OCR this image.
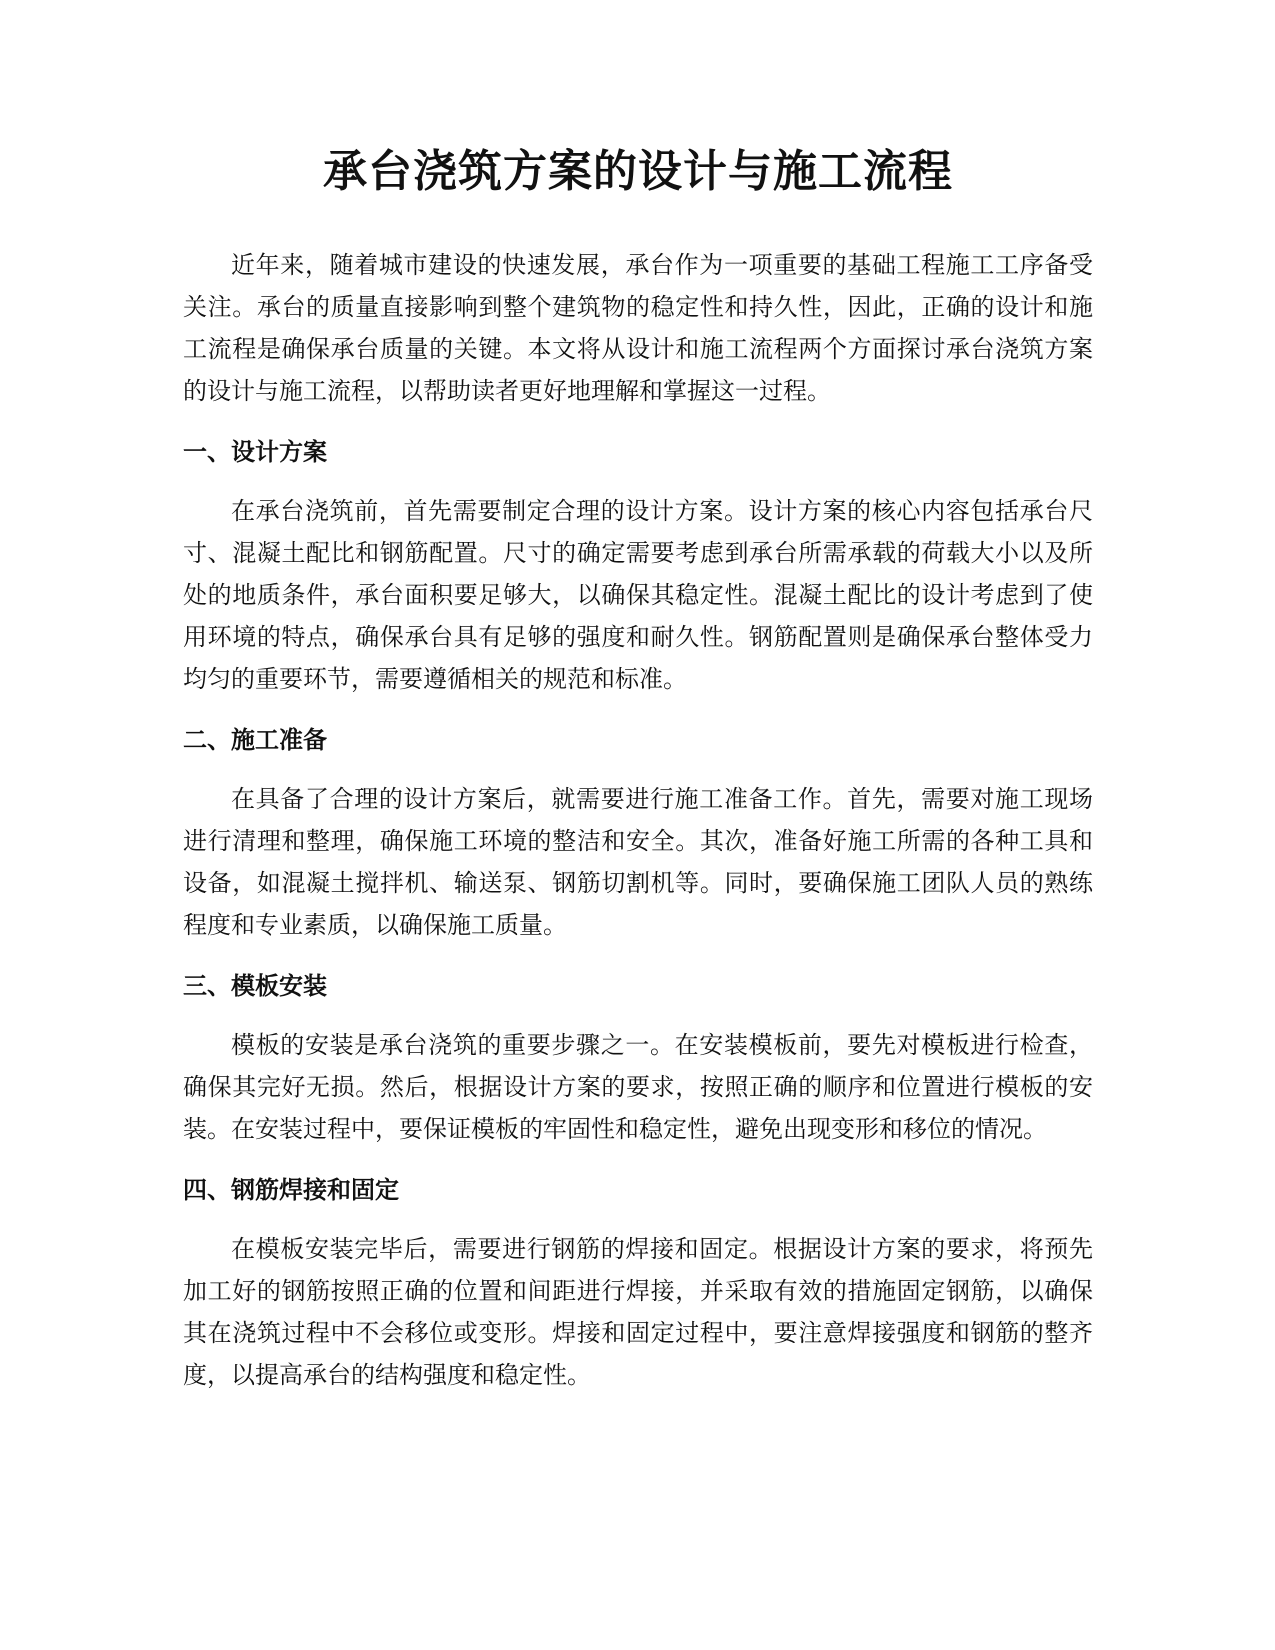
承台浇筑方案的设计与施工流程

近年来，随着城市建设的快速发展，承台作为一项重要的基础工程施工工序备受关注。承台的质量直接影响到整个建筑物的稳定性和持久性，因此，正确的设计和施工流程是确保承台质量的关键。本文将从设计和施工流程两个方面探讨承台浇筑方案的设计与施工流程，以帮助读者更好地理解和掌握这一过程。

一、设计方案

在承台浇筑前，首先需要制定合理的设计方案。设计方案的核心内容包括承台尺寸、混凝土配比和钢筋配置。尺寸的确定需要考虑到承台所需承载的荷载大小以及所处的地质条件，承台面积要足够大，以确保其稳定性。混凝土配比的设计考虑到了使用环境的特点，确保承台具有足够的强度和耐久性。钢筋配置则是确保承台整体受力均匀的重要环节，需要遵循相关的规范和标准。

二、施工准备

在具备了合理的设计方案后，就需要进行施工准备工作。首先，需要对施工现场进行清理和整理，确保施工环境的整洁和安全。其次，准备好施工所需的各种工具和设备，如混凝土搅拌机、输送泵、钢筋切割机等。同时，要确保施工团队人员的熟练程度和专业素质，以确保施工质量。

三、模板安装

模板的安装是承台浇筑的重要步骤之一。在安装模板前，要先对模板进行检查，确保其完好无损。然后，根据设计方案的要求，按照正确的顺序和位置进行模板的安装。在安装过程中，要保证模板的牢固性和稳定性，避免出现变形和移位的情况。

四、钢筋焊接和固定

在模板安装完毕后，需要进行钢筋的焊接和固定。根据设计方案的要求，将预先加工好的钢筋按照正确的位置和间距进行焊接，并采取有效的措施固定钢筋，以确保其在浇筑过程中不会移位或变形。焊接和固定过程中，要注意焊接强度和钢筋的整齐度，以提高承台的结构强度和稳定性。
